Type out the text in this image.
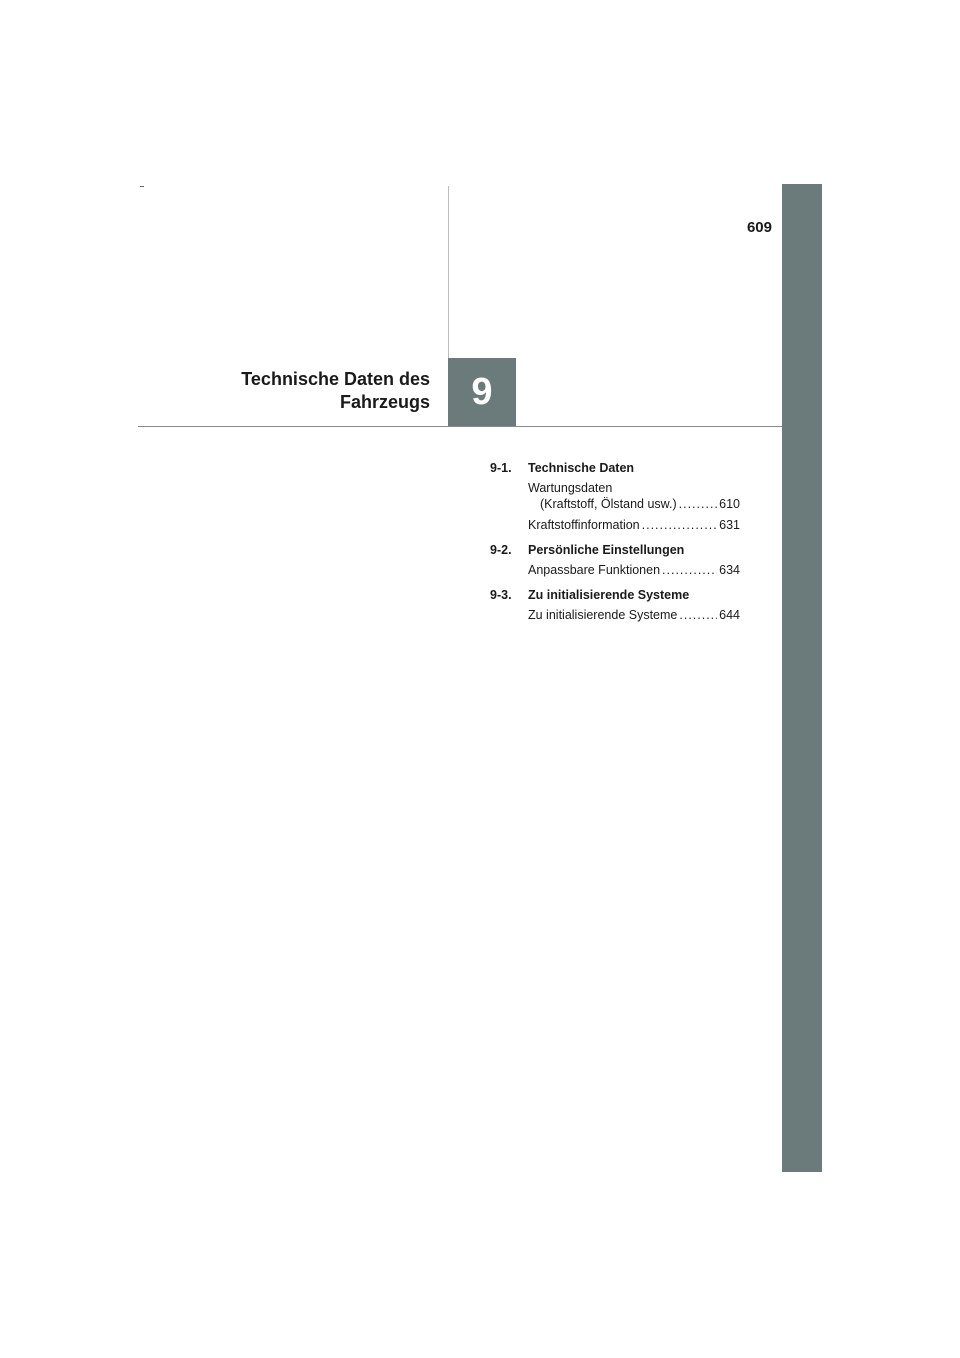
609
9
Technische Daten des
Fahrzeugs
9-1.	Technische Daten
Wartungsdaten
(Kraftstoff, Ölstand usw.) .....	610
Kraftstoffinformation .....	631
9-2.	Persönliche Einstellungen
Anpassbare Funktionen .....	634
9-3.	Zu initialisierende Systeme
Zu initialisierende Systeme .....	644
